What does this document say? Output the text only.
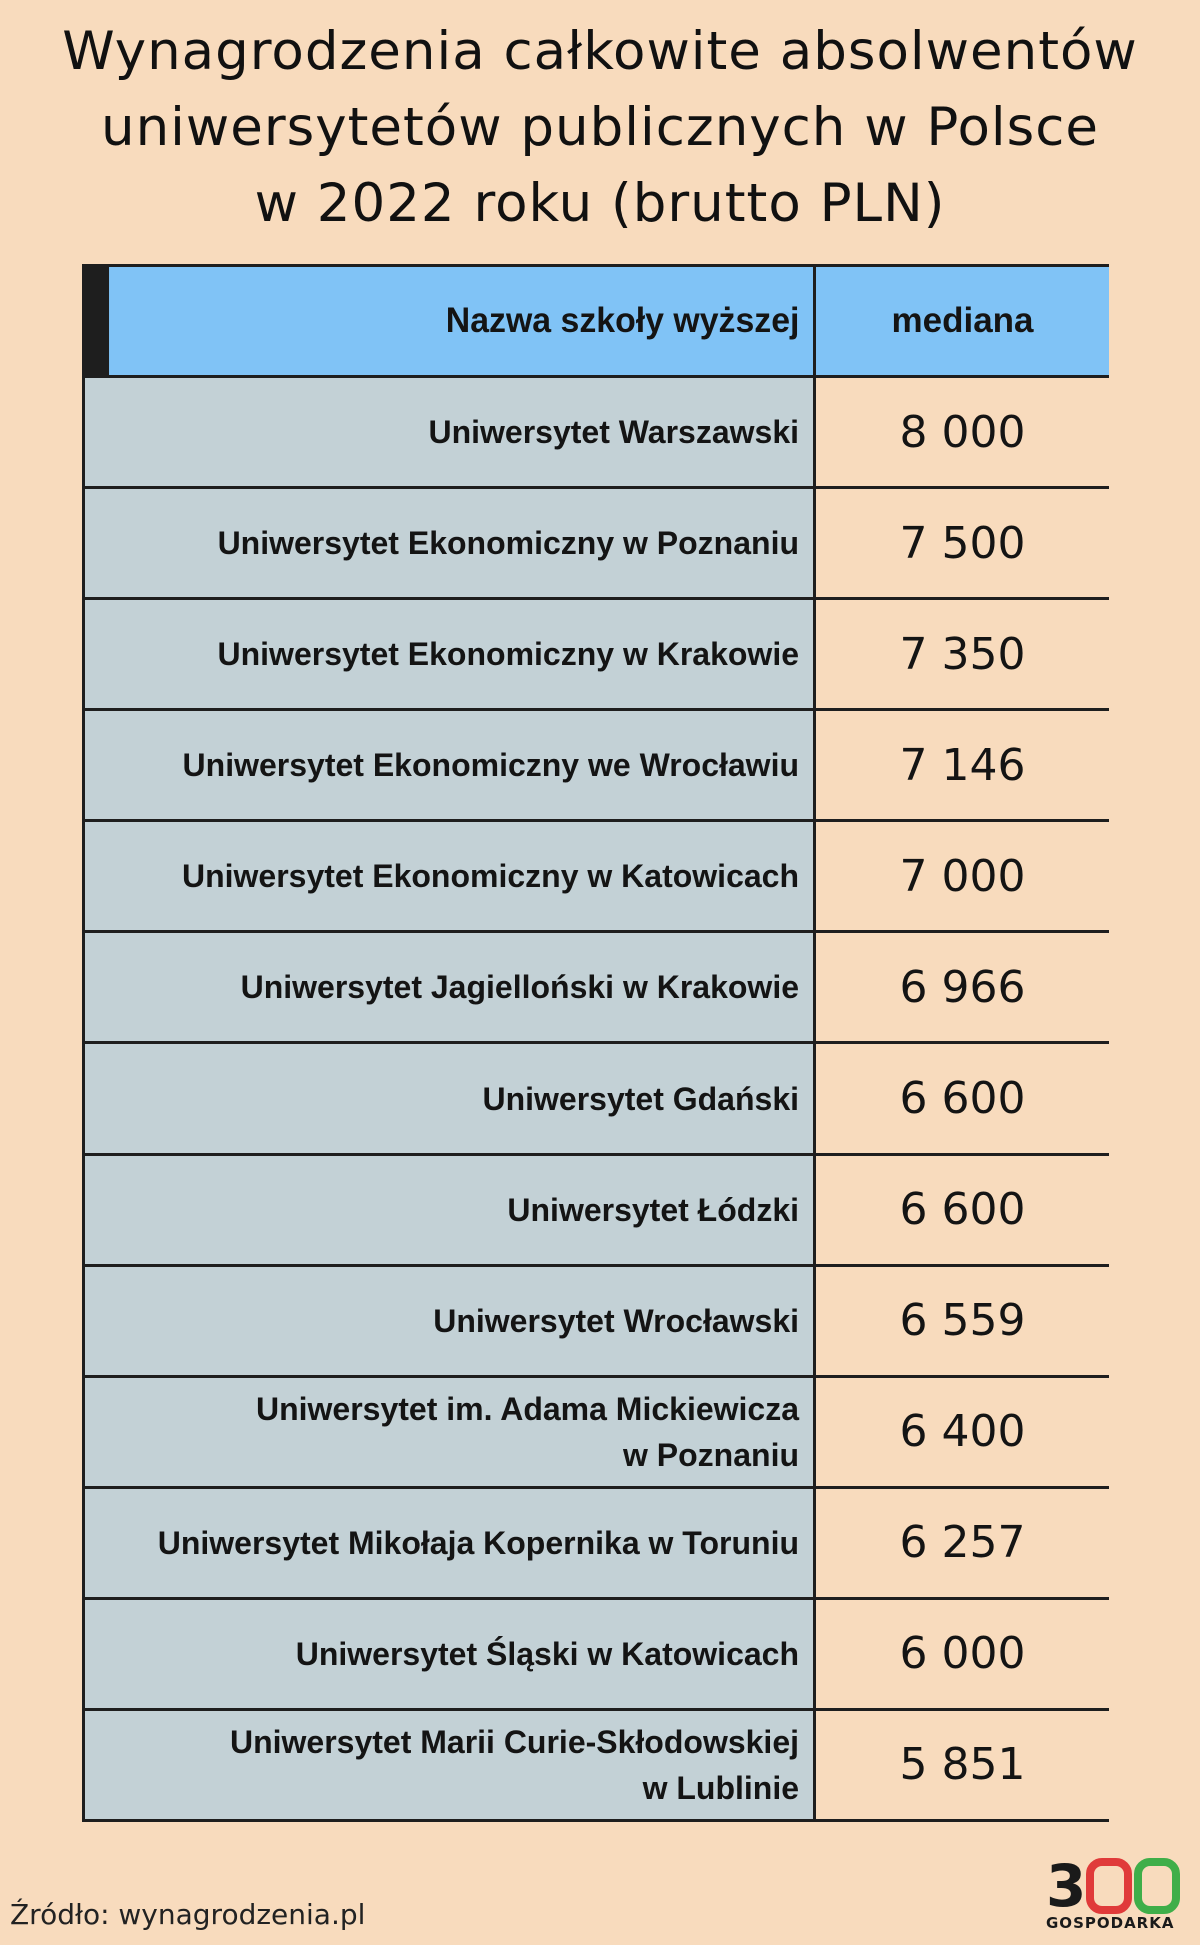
Wynagrodzenia całkowite absolwentów
uniwersytetów publicznych w Polsce
w 2022 roku (brutto PLN)
Nazwa szkoły wyższej	mediana
Uniwersytet Warszawski	8 000
Uniwersytet Ekonomiczny w Poznaniu	7 500
Uniwersytet Ekonomiczny w Krakowie	7 350
Uniwersytet Ekonomiczny we Wrocławiu	7 146
Uniwersytet Ekonomiczny w Katowicach	7 000
Uniwersytet Jagielloński w Krakowie	6 966
Uniwersytet Gdański	6 600
Uniwersytet Łódzki	6 600
Uniwersytet Wrocławski	6 559
Uniwersytet im. Adama Mickiewicza
w Poznaniu	6 400
Uniwersytet Mikołaja Kopernika w Toruniu	6 257
Uniwersytet Śląski w Katowicach	6 000
Uniwersytet Marii Curie-Skłodowskiej
w Lublinie	5 851
Źródło: wynagrodzenia.pl	3
GOSPODARKA
